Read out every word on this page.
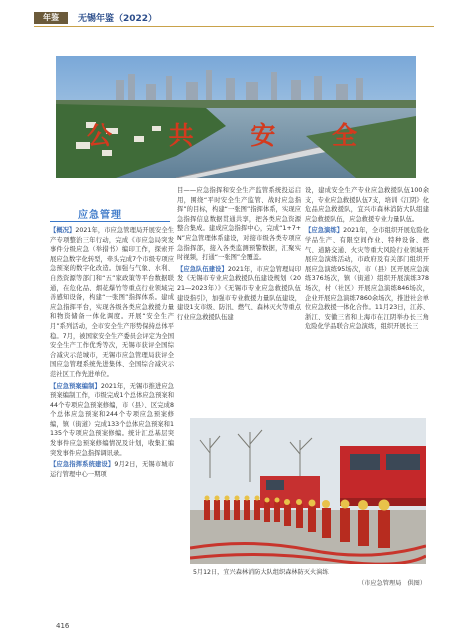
年鉴	无锡年鉴（2022）
公 共 安 全
应急管理

【概况】2021年，市应急管理局开展安全生产专项整治三年行动，完成《市应急局突发事件分级应急（举措书）编印工作，探索开展应急数字化转型，牵头完成7个市级专项应急预案的数字化改造。加强与气象、水利、自然资源等部门和“五”家政策等平台数据联通，在危化品、烟花爆竹等重点行业领域完善感知设备，构建“一张图”指挥体系。建成应急指挥平台，实现各级各类应急救援力量和物资储备一体化调度。开展“安全生产月”系列活动，全市安全生产形势保持总体平稳。7月，被国家安全生产委员会评定为全国安全生产工作优秀等次，无锡市获评全国综合减灾示范城市，无锡市应急管理局获评全国应急管理系统先进集体、全国综合减灾示范社区工作先进单位。

【应急预案编制】2021年，无锡市推进应急预案编制工作，市级完成1个总体应急预案和44个专项应急预案修编，市（县）、区完成8个总体应急预案和244个专项应急预案修编，镇（街道）完成133个总体应急预案和1135个专项应急预案修编。统计汇总基层突发事件应急预案修编情况及计划，收集汇编突发事件应急指挥调讯录。

【应急指挥系统建设】9月2日，无锡市城市运行管理中心一期项

目——应急指挥和安全生产监管系统投运启用，围绕“平时安全生产监管、战时应急指挥”的目标，构建“一张图”指挥体系，实现应急指挥信息数据贯通共享，把各类应急资源整合集成。建成应急指挥中心，完成“1+7+N”应急管理体系建设，对接市级各类专项应急指挥部，接入各类监测预警数据，汇聚实时视频，打通“一张图”全覆盖。

【应急队伍建设】2021年，市应急管理局印发《无锡市专业应急救援队伍建设规划（2021—2023年）》《无锡市专业应急救援队伍建设指引》，加强市专业救援力量队伍建设，建设1支市级、防汛、燃气、森林灭火等重点行业应急救援队伍建

设，建成安全生产专业应急救援队伍100余支，专业应急救援队伍7支，培训《江阴》化危品应急救援队，宜兴市森林消防大队组建应急救援队伍，应急救援专业力量队伍。

【应急演练】2021年，全市组织开展危险化学品生产、有限空间作业、特种设备、燃气、道路交通、火灾等重大风险行业领域开展应急演练活动，市政府及有关部门组织开展应急演练95场次，市（县）区开展应急演练376场次，镇（街道）组织开展演练378场次，村（社区）开展应急演练846场次，企业开展应急演练7860余场次，推进社会单位应急救援一体化合作。11月23日，江苏、浙江、安徽三省和上海市在江阴举办长三角危险化学品联合应急演练，组织开展长三

5月12日，宜兴森林消防大队组织森林防灭火演练
（市应急管理局　供图）
416
